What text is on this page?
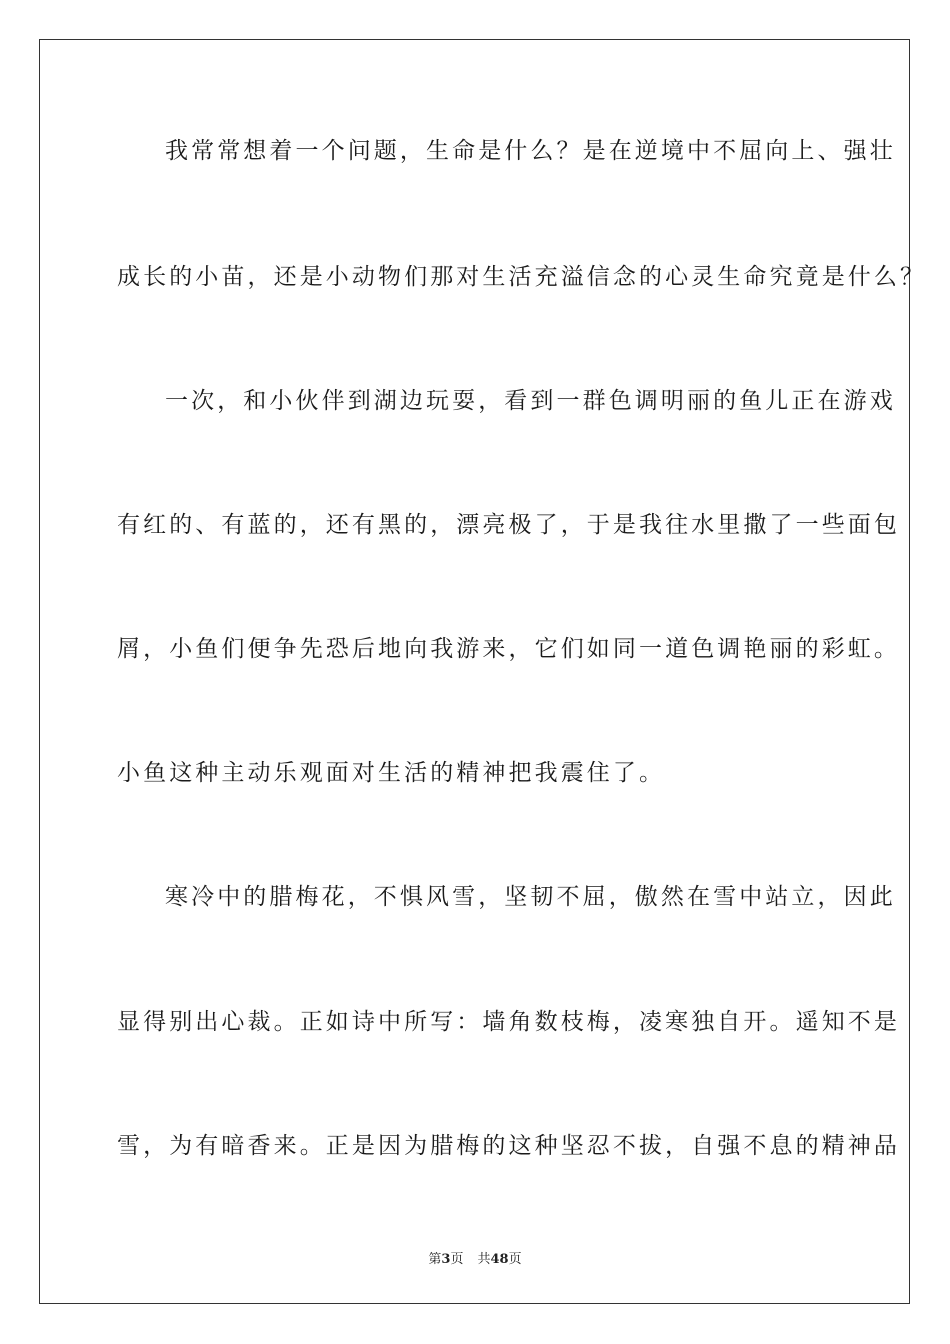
我常常想着一个问题，生命是什么？是在逆境中不屈向上、强壮
成长的小苗，还是小动物们那对生活充溢信念的心灵生命究竟是什么？
一次，和小伙伴到湖边玩耍，看到一群色调明丽的鱼儿正在游戏
有红的、有蓝的，还有黑的，漂亮极了，于是我往水里撒了一些面包
屑，小鱼们便争先恐后地向我游来，它们如同一道色调艳丽的彩虹。
小鱼这种主动乐观面对生活的精神把我震住了。
寒冷中的腊梅花，不惧风雪，坚韧不屈，傲然在雪中站立，因此
显得别出心裁。正如诗中所写：墙角数枝梅，凌寒独自开。遥知不是
雪，为有暗香来。正是因为腊梅的这种坚忍不拔，自强不息的精神品
第3页 共48页
